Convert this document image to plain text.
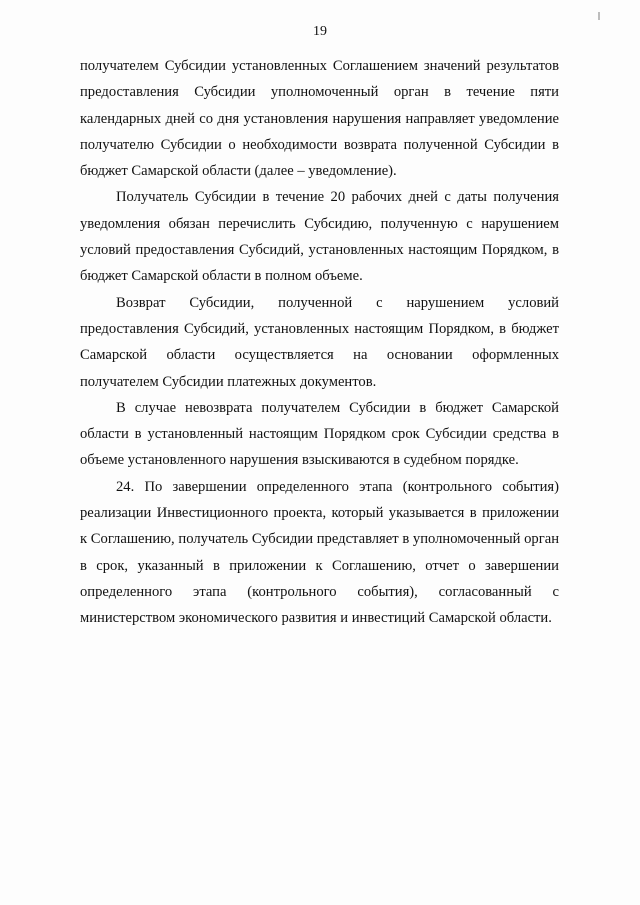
19

получателем Субсидии установленных Соглашением значений результатов предоставления Субсидии уполномоченный орган в течение пяти календарных дней со дня установления нарушения направляет уведомление получателю Субсидии о необходимости возврата полученной Субсидии в бюджет Самарской области (далее – уведомление).

Получатель Субсидии в течение 20 рабочих дней с даты получения уведомления обязан перечислить Субсидию, полученную с нарушением условий предоставления Субсидий, установленных настоящим Порядком, в бюджет Самарской области в полном объеме.

Возврат Субсидии, полученной с нарушением условий предоставления Субсидий, установленных настоящим Порядком, в бюджет Самарской области осуществляется на основании оформленных получателем Субсидии платежных документов.

В случае невозврата получателем Субсидии в бюджет Самарской области в установленный настоящим Порядком срок Субсидии средства в объеме установленного нарушения взыскиваются в судебном порядке.

24. По завершении определенного этапа (контрольного события) реализации Инвестиционного проекта, который указывается в приложении к Соглашению, получатель Субсидии представляет в уполномоченный орган в срок, указанный в приложении к Соглашению, отчет о завершении определенного этапа (контрольного события), согласованный с министерством экономического развития и инвестиций Самарской области.
